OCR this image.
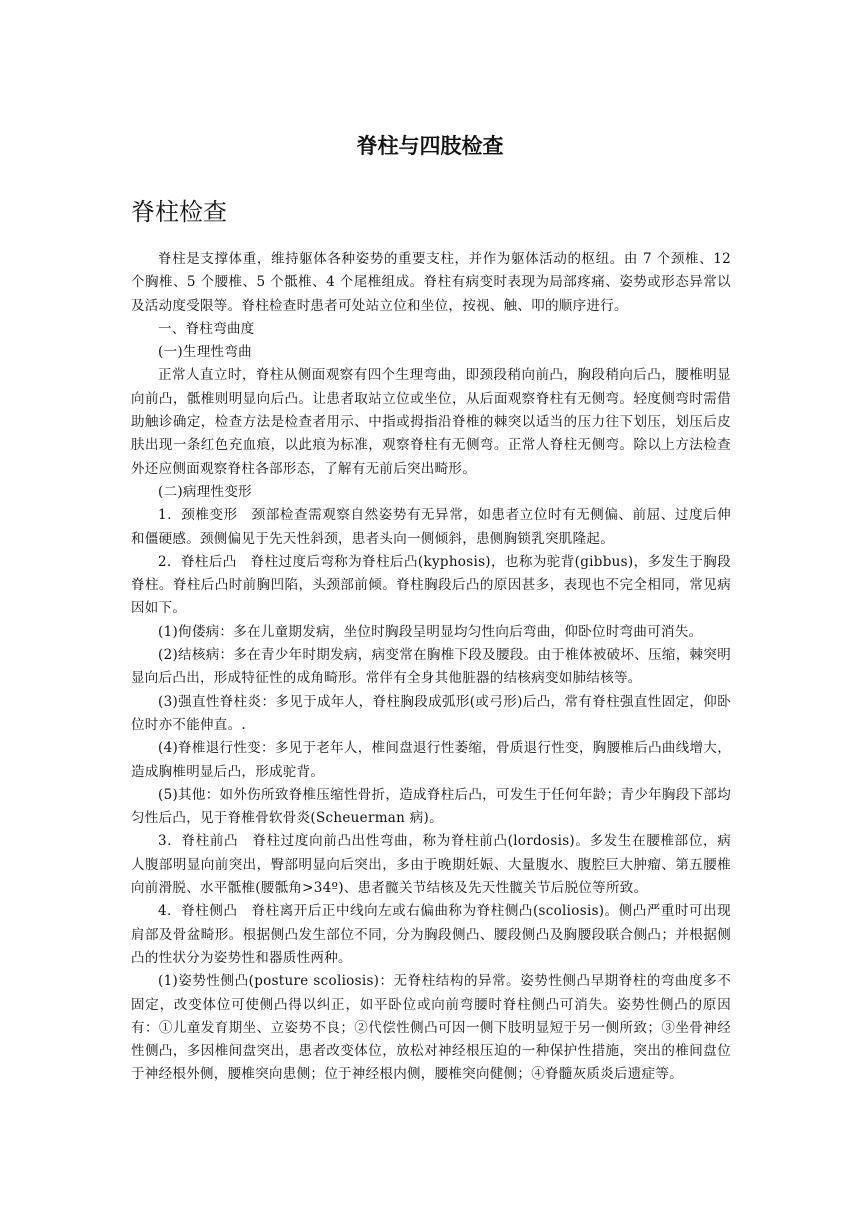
脊柱与四肢检查
脊柱检查

脊柱是支撑体重，维持躯体各种姿势的重要支柱，并作为躯体活动的枢纽。由 7 个颈椎、12 个胸椎、5 个腰椎、5 个骶椎、4 个尾椎组成。脊柱有病变时表现为局部疼痛、姿势或形态异常以及活动度受限等。脊柱检查时患者可处站立位和坐位，按视、触、叩的顺序进行。

一、脊柱弯曲度

(一)生理性弯曲

正常人直立时，脊柱从侧面观察有四个生理弯曲，即颈段稍向前凸，胸段稍向后凸，腰椎明显向前凸，骶椎则明显向后凸。让患者取站立位或坐位，从后面观察脊柱有无侧弯。轻度侧弯时需借助触诊确定，检查方法是检查者用示、中指或拇指沿脊椎的棘突以适当的压力往下划压，划压后皮肤出现一条红色充血痕，以此痕为标准，观察脊柱有无侧弯。正常人脊柱无侧弯。除以上方法检查外还应侧面观察脊柱各部形态，了解有无前后突出畸形。

(二)病理性变形

1．颈椎变形　颈部检查需观察自然姿势有无异常，如患者立位时有无侧偏、前屈、过度后伸和僵硬感。颈侧偏见于先天性斜颈，患者头向一侧倾斜，患侧胸锁乳突肌隆起。

2．脊柱后凸　脊柱过度后弯称为脊柱后凸(kyphosis)，也称为驼背(gibbus)，多发生于胸段脊柱。脊柱后凸时前胸凹陷，头颈部前倾。脊柱胸段后凸的原因甚多，表现也不完全相同，常见病因如下。

(1)佝偻病：多在儿童期发病，坐位时胸段呈明显均匀性向后弯曲，仰卧位时弯曲可消失。

(2)结核病：多在青少年时期发病，病变常在胸椎下段及腰段。由于椎体被破坏、压缩，棘突明显向后凸出，形成特征性的成角畸形。常伴有全身其他脏器的结核病变如肺结核等。

(3)强直性脊柱炎：多见于成年人，脊柱胸段成弧形(或弓形)后凸，常有脊柱强直性固定，仰卧位时亦不能伸直。.

(4)脊椎退行性变：多见于老年人，椎间盘退行性萎缩，骨质退行性变，胸腰椎后凸曲线增大，造成胸椎明显后凸，形成驼背。

(5)其他：如外伤所致脊椎压缩性骨折，造成脊柱后凸，可发生于任何年龄；青少年胸段下部均匀性后凸，见于脊椎骨软骨炎(Scheuerman 病)。

3．脊柱前凸　脊柱过度向前凸出性弯曲，称为脊柱前凸(lordosis)。多发生在腰椎部位，病人腹部明显向前突出，臀部明显向后突出，多由于晚期妊娠、大量腹水、腹腔巨大肿瘤、第五腰椎向前滑脱、水平骶椎(腰骶角>34º)、患者髋关节结核及先天性髋关节后脱位等所致。

4．脊柱侧凸　脊柱离开后正中线向左或右偏曲称为脊柱侧凸(scoliosis)。侧凸严重时可出现肩部及骨盆畸形。根据侧凸发生部位不同，分为胸段侧凸、腰段侧凸及胸腰段联合侧凸；并根据侧凸的性状分为姿势性和器质性两种。

(1)姿势性侧凸(posture scoliosis)：无脊柱结构的异常。姿势性侧凸早期脊柱的弯曲度多不固定，改变体位可使侧凸得以纠正，如平卧位或向前弯腰时脊柱侧凸可消失。姿势性侧凸的原因有：①儿童发育期坐、立姿势不良；②代偿性侧凸可因一侧下肢明显短于另一侧所致；③坐骨神经性侧凸，多因椎间盘突出，患者改变体位，放松对神经根压迫的一种保护性措施，突出的椎间盘位于神经根外侧，腰椎突向患侧；位于神经根内侧，腰椎突向健侧；④脊髓灰质炎后遗症等。
